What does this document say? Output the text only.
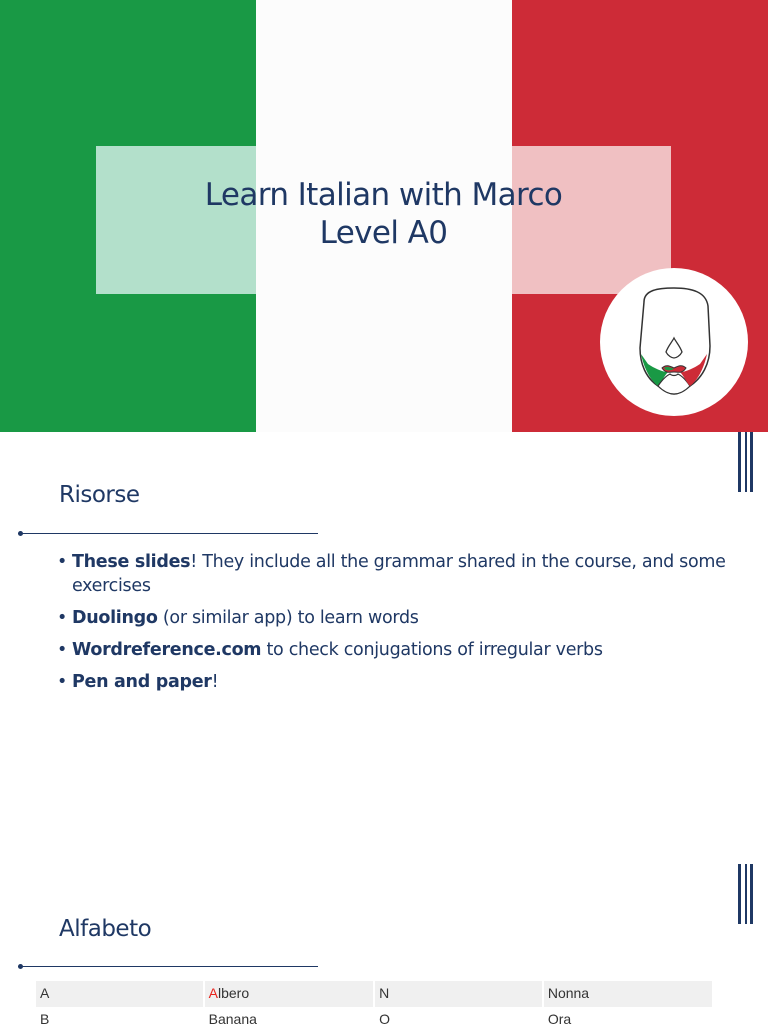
Learn Italian with Marco
Level A0
Risorse
• These slides! They include all the grammar shared in the course, and some exercises
• Duolingo (or similar app) to learn words
• Wordreference.com to check conjugations of irregular verbs
• Pen and paper!
Alfabeto
A	Albero	N	Nonna
B	Banana	O	Ora
